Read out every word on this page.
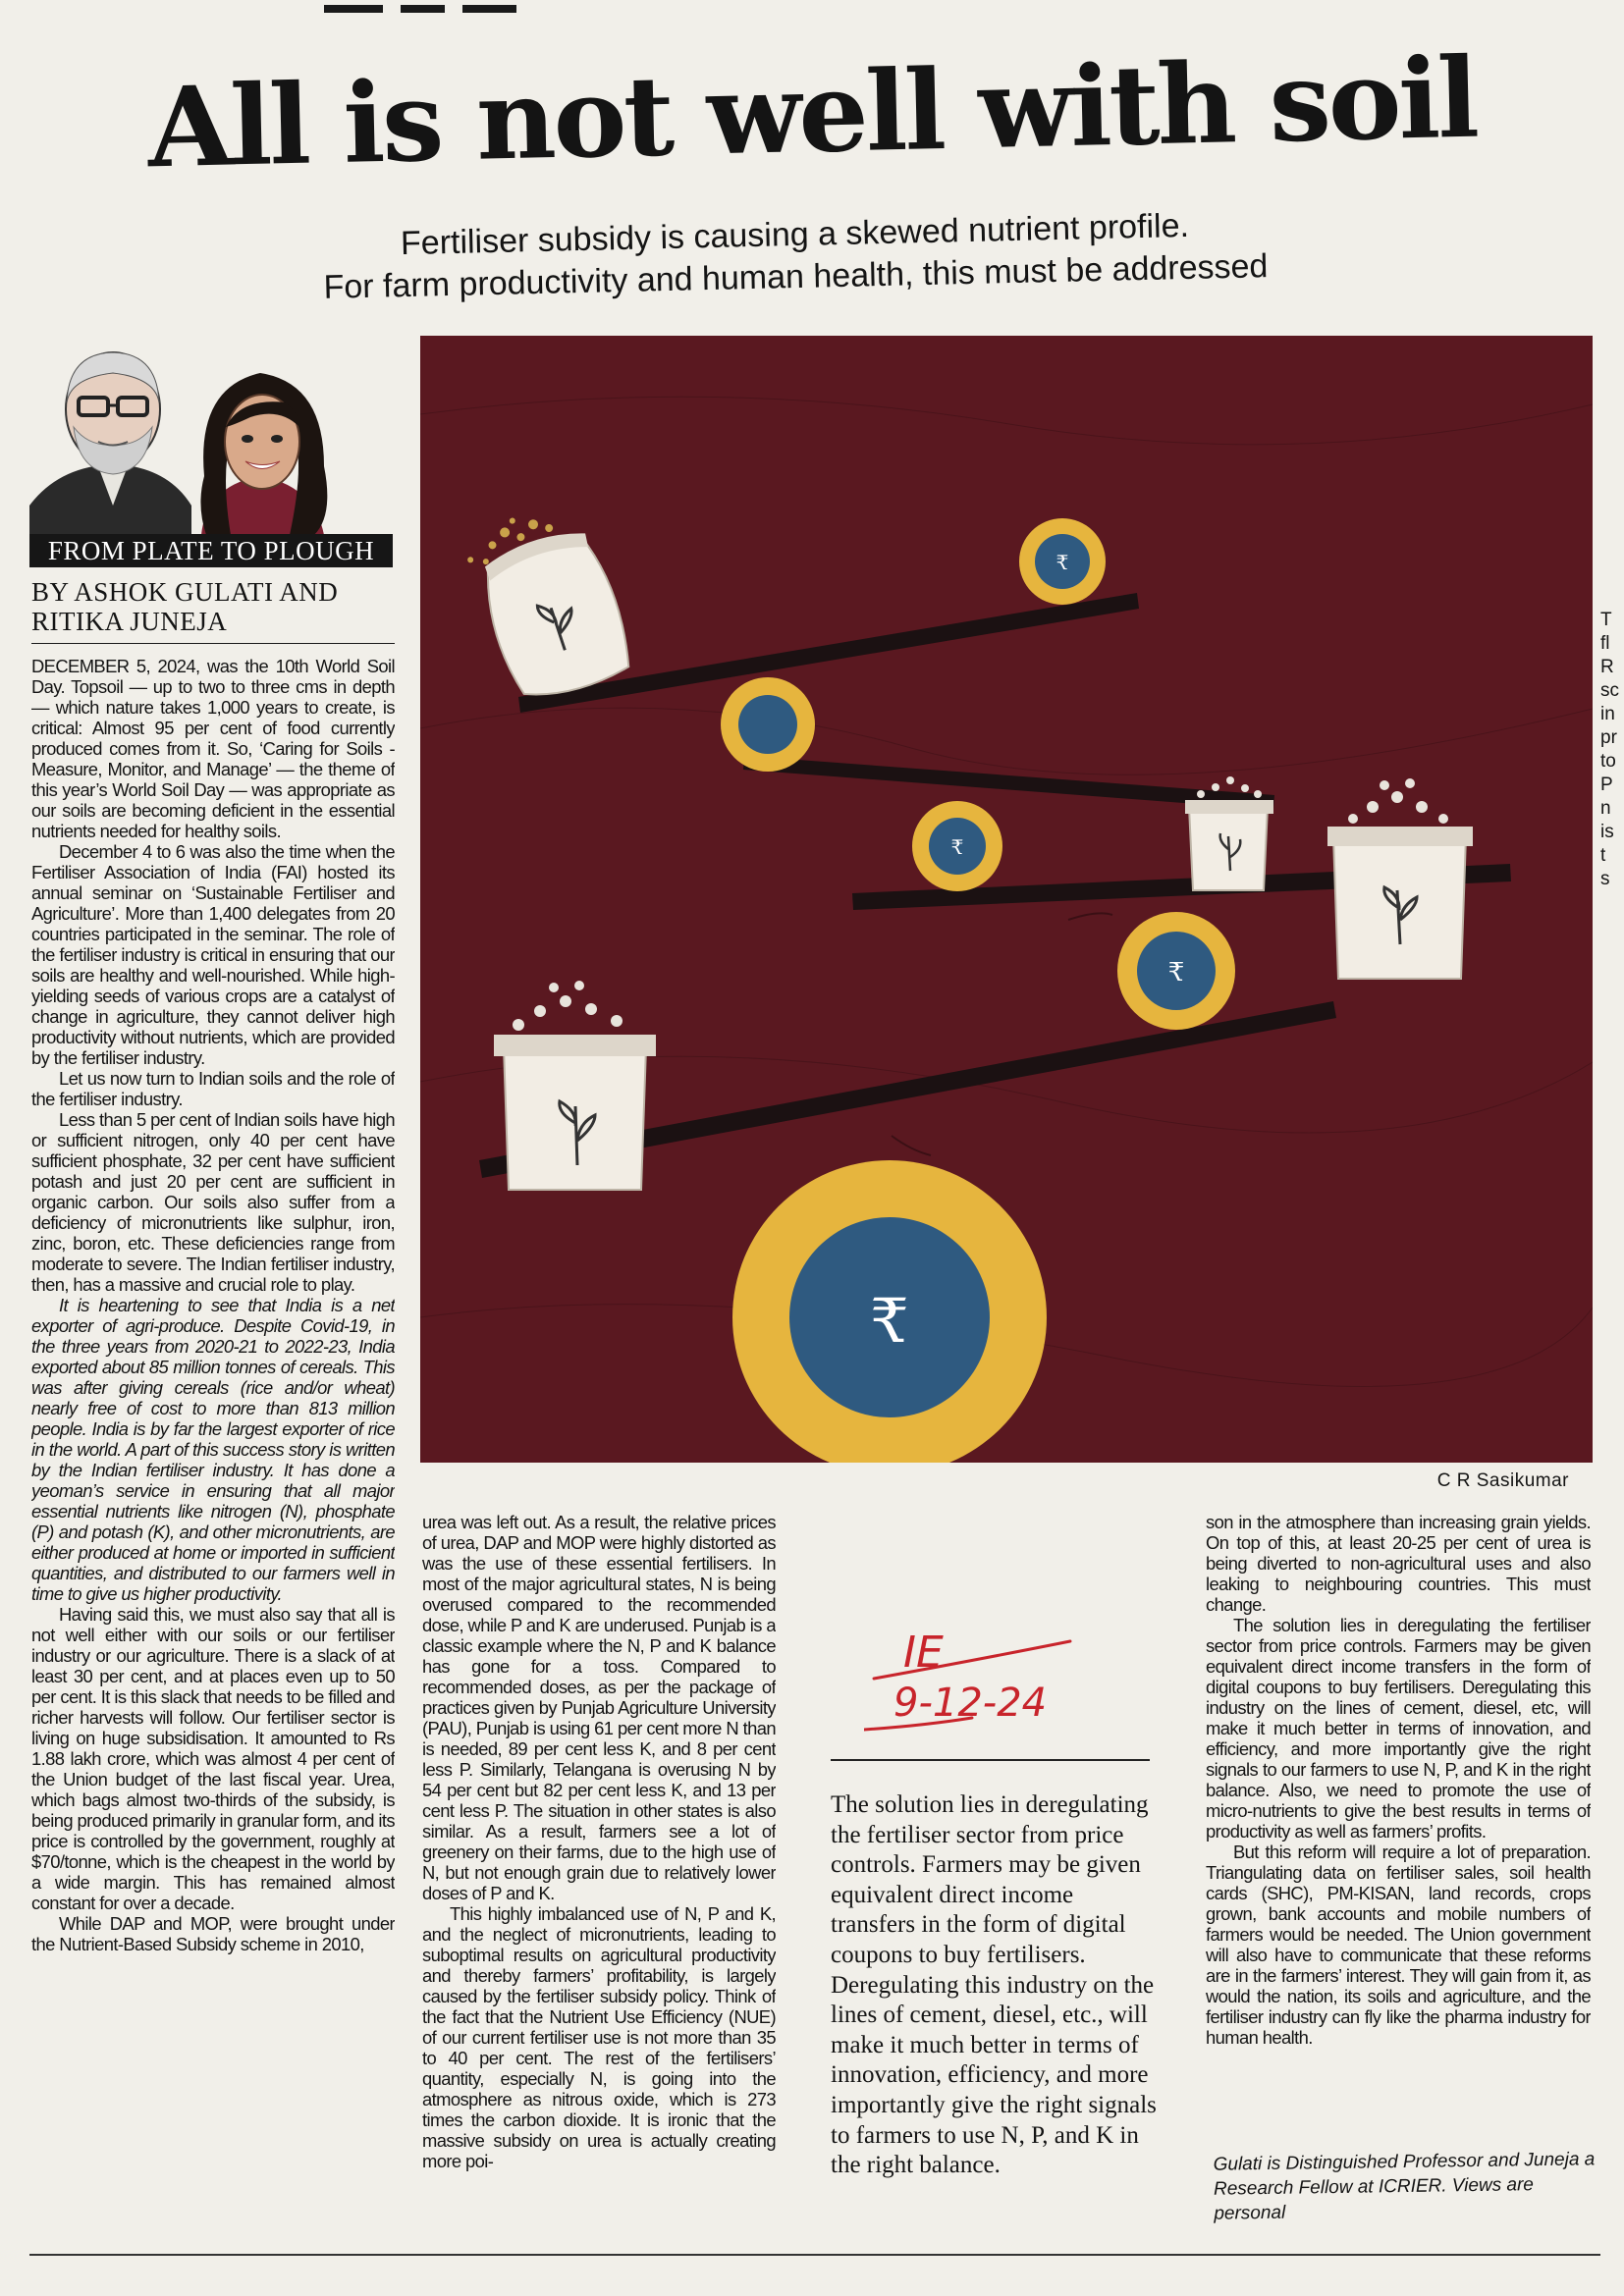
All is not well with soil
Fertiliser subsidy is causing a skewed nutrient profile.
For farm productivity and human health, this must be addressed
FROM PLATE TO PLOUGH
BY ASHOK GULATI AND
RITIKA JUNEJA

DECEMBER 5, 2024, was the 10th World Soil Day. Topsoil — up to two to three cms in depth — which nature takes 1,000 years to create, is critical: Almost 95 per cent of food currently produced comes from it. So, ‘Caring for Soils - Measure, Monitor, and Manage’ — the theme of this year’s World Soil Day — was appropriate as our soils are becoming deficient in the essential nutrients needed for healthy soils.

December 4 to 6 was also the time when the Fertiliser Association of India (FAI) hosted its annual seminar on ‘Sustainable Fertiliser and Agriculture’. More than 1,400 delegates from 20 countries participated in the seminar. The role of the fertiliser industry is critical in ensuring that our soils are healthy and well-nourished. While high-yielding seeds of various crops are a catalyst of change in agriculture, they cannot deliver high productivity without nutrients, which are provided by the fertiliser industry.

Let us now turn to Indian soils and the role of the fertiliser industry.

Less than 5 per cent of Indian soils have high or sufficient nitrogen, only 40 per cent have sufficient phosphate, 32 per cent have sufficient potash and just 20 per cent are sufficient in organic carbon. Our soils also suffer from a deficiency of micronutrients like sulphur, iron, zinc, boron, etc. These deficiencies range from moderate to severe. The Indian fertiliser industry, then, has a massive and crucial role to play.

It is heartening to see that India is a net exporter of agri-produce. Despite Covid-19, in the three years from 2020-21 to 2022-23, India exported about 85 million tonnes of cereals. This was after giving cereals (rice and/or wheat) nearly free of cost to more than 813 million people. India is by far the largest exporter of rice in the world. A part of this success story is written by the Indian fertiliser industry. It has done a yeoman’s service in ensuring that all major essential nutrients like nitrogen (N), phosphate (P) and potash (K), and other micronutrients, are either produced at home or imported in sufficient quantities, and distributed to our farmers well in time to give us higher productivity.

Having said this, we must also say that all is not well either with our soils or our fertiliser industry or our agriculture. There is a slack of at least 30 per cent, and at places even up to 50 per cent. It is this slack that needs to be filled and richer harvests will follow. Our fertiliser sector is living on huge subsidisation. It amounted to Rs 1.88 lakh crore, which was almost 4 per cent of the Union budget of the last fiscal year. Urea, which bags almost two-thirds of the subsidy, is being produced primarily in granular form, and its price is controlled by the government, roughly at $70/tonne, which is the cheapest in the world by a wide margin. This has remained almost constant for over a decade.

While DAP and MOP, were brought under the Nutrient-Based Subsidy scheme in 2010,

₹
₹
₹
₹
C R Sasikumar

urea was left out. As a result, the relative prices of urea, DAP and MOP were highly distorted as was the use of these essential fertilisers. In most of the major agricultural states, N is being overused compared to the recommended dose, while P and K are underused. Punjab is a classic example where the N, P and K balance has gone for a toss. Compared to recommended doses, as per the package of practices given by Punjab Agriculture University (PAU), Punjab is using 61 per cent more N than is needed, 89 per cent less K, and 8 per cent less P. Similarly, Telangana is overusing N by 54 per cent but 82 per cent less K, and 13 per cent less P. The situation in other states is also similar. As a result, farmers see a lot of greenery on their farms, due to the high use of N, but not enough grain due to relatively lower doses of P and K.

This highly imbalanced use of N, P and K, and the neglect of micronutrients, leading to suboptimal results on agricultural productivity and thereby farmers’ profitability, is largely caused by the fertiliser subsidy policy. Think of the fact that the Nutrient Use Efficiency (NUE) of our current fertiliser use is not more than 35 to 40 per cent. The rest of the fertilisers’ quantity, especially N, is going into the atmosphere as nitrous oxide, which is 273 times the carbon dioxide. It is ironic that the massive subsidy on urea is actually creating more poi-

IE
9-12-24
The solution lies in deregulating the fertiliser sector from price controls. Farmers may be given equivalent direct income transfers in the form of digital coupons to buy fertilisers. Deregulating this industry on the lines of cement, diesel, etc., will make it much better in terms of innovation, efficiency, and more importantly give the right signals to farmers to use N, P, and K in the right balance.

son in the atmosphere than increasing grain yields. On top of this, at least 20-25 per cent of urea is being diverted to non-agricultural uses and also leaking to neighbouring countries. This must change.

The solution lies in deregulating the fertiliser sector from price controls. Farmers may be given equivalent direct income transfers in the form of digital coupons to buy fertilisers. Deregulating this industry on the lines of cement, diesel, etc, will make it much better in terms of innovation, and efficiency, and more importantly give the right signals to our farmers to use N, P, and K in the right balance. Also, we need to promote the use of micro-nutrients to give the best results in terms of productivity as well as farmers’ profits.

But this reform will require a lot of preparation. Triangulating data on fertiliser sales, soil health cards (SHC), PM-KISAN, land records, crops grown, bank accounts and mobile numbers of farmers would be needed. The Union government will also have to communicate that these reforms are in the farmers’ interest. They will gain from it, as would the nation, its soils and agriculture, and the fertiliser industry can fly like the pharma industry for human health.

Gulati is Distinguished Professor and Juneja a Research Fellow at ICRIER. Views are personal
T
fl
R
sc
in
pr
to
P
n
is
t
s
